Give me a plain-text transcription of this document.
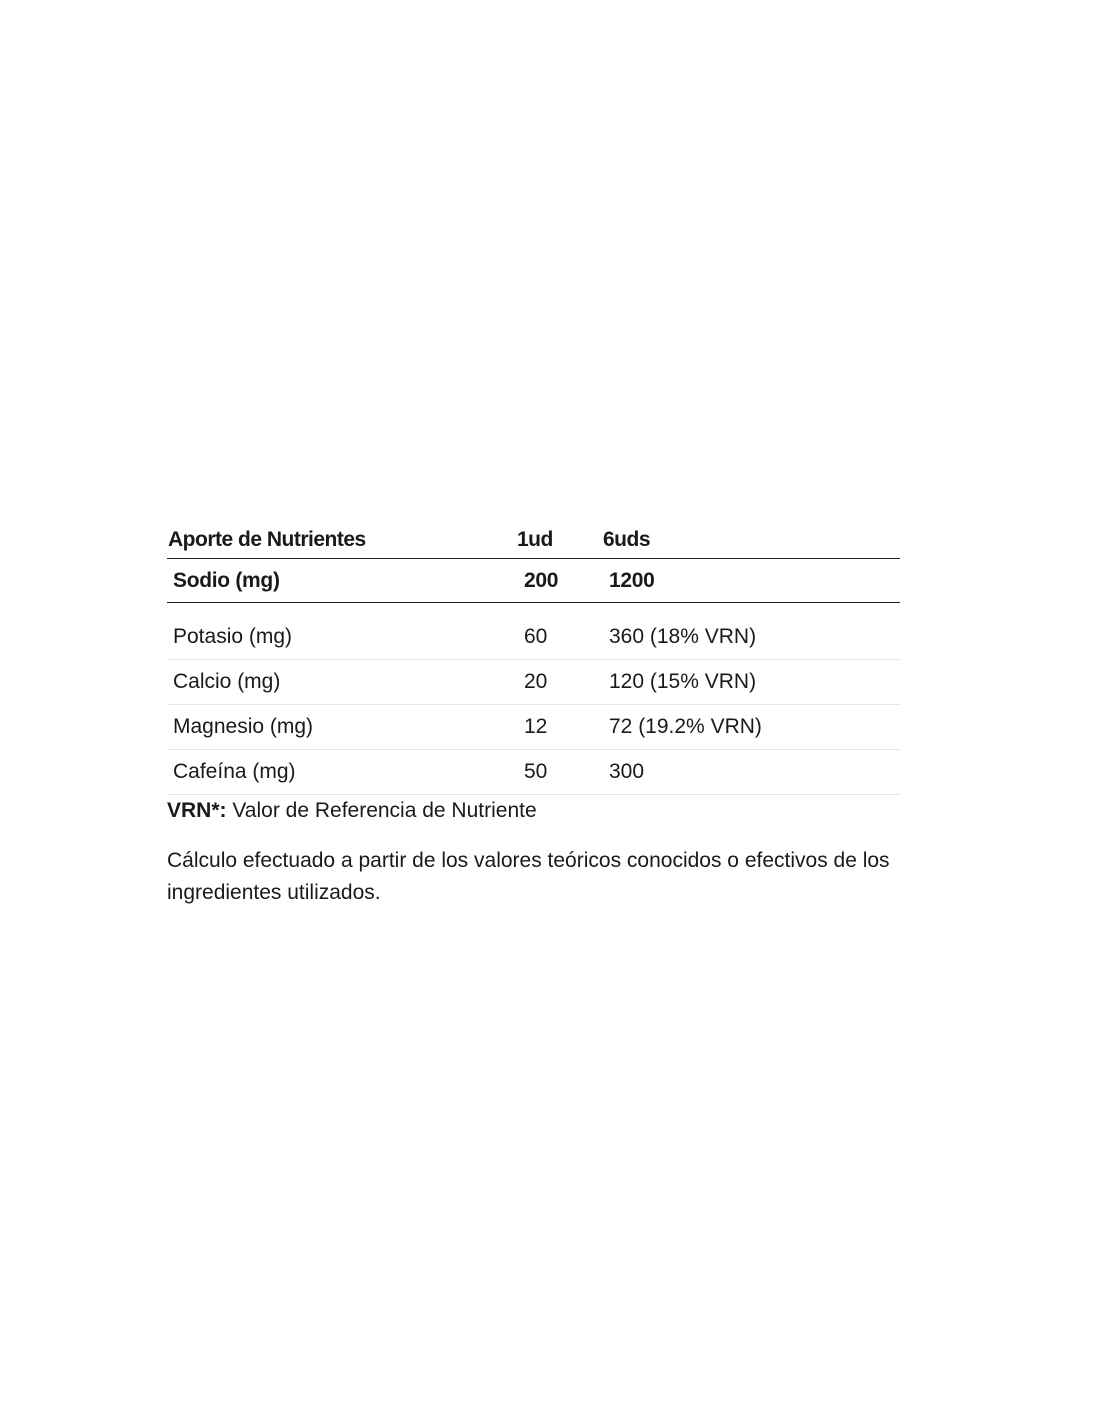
Aporte de Nutrientes	1ud	6uds
Sodio (mg)	200	1200

Potasio (mg)	60	360 (18% VRN)
Calcio (mg)	20	120 (15% VRN)
Magnesio (mg)	12	72 (19.2% VRN)
Cafeína (mg)	50	300
VRN*: Valor de Referencia de Nutriente
Cálculo efectuado a partir de los valores teóricos conocidos o efectivos de los ingredientes utilizados.
